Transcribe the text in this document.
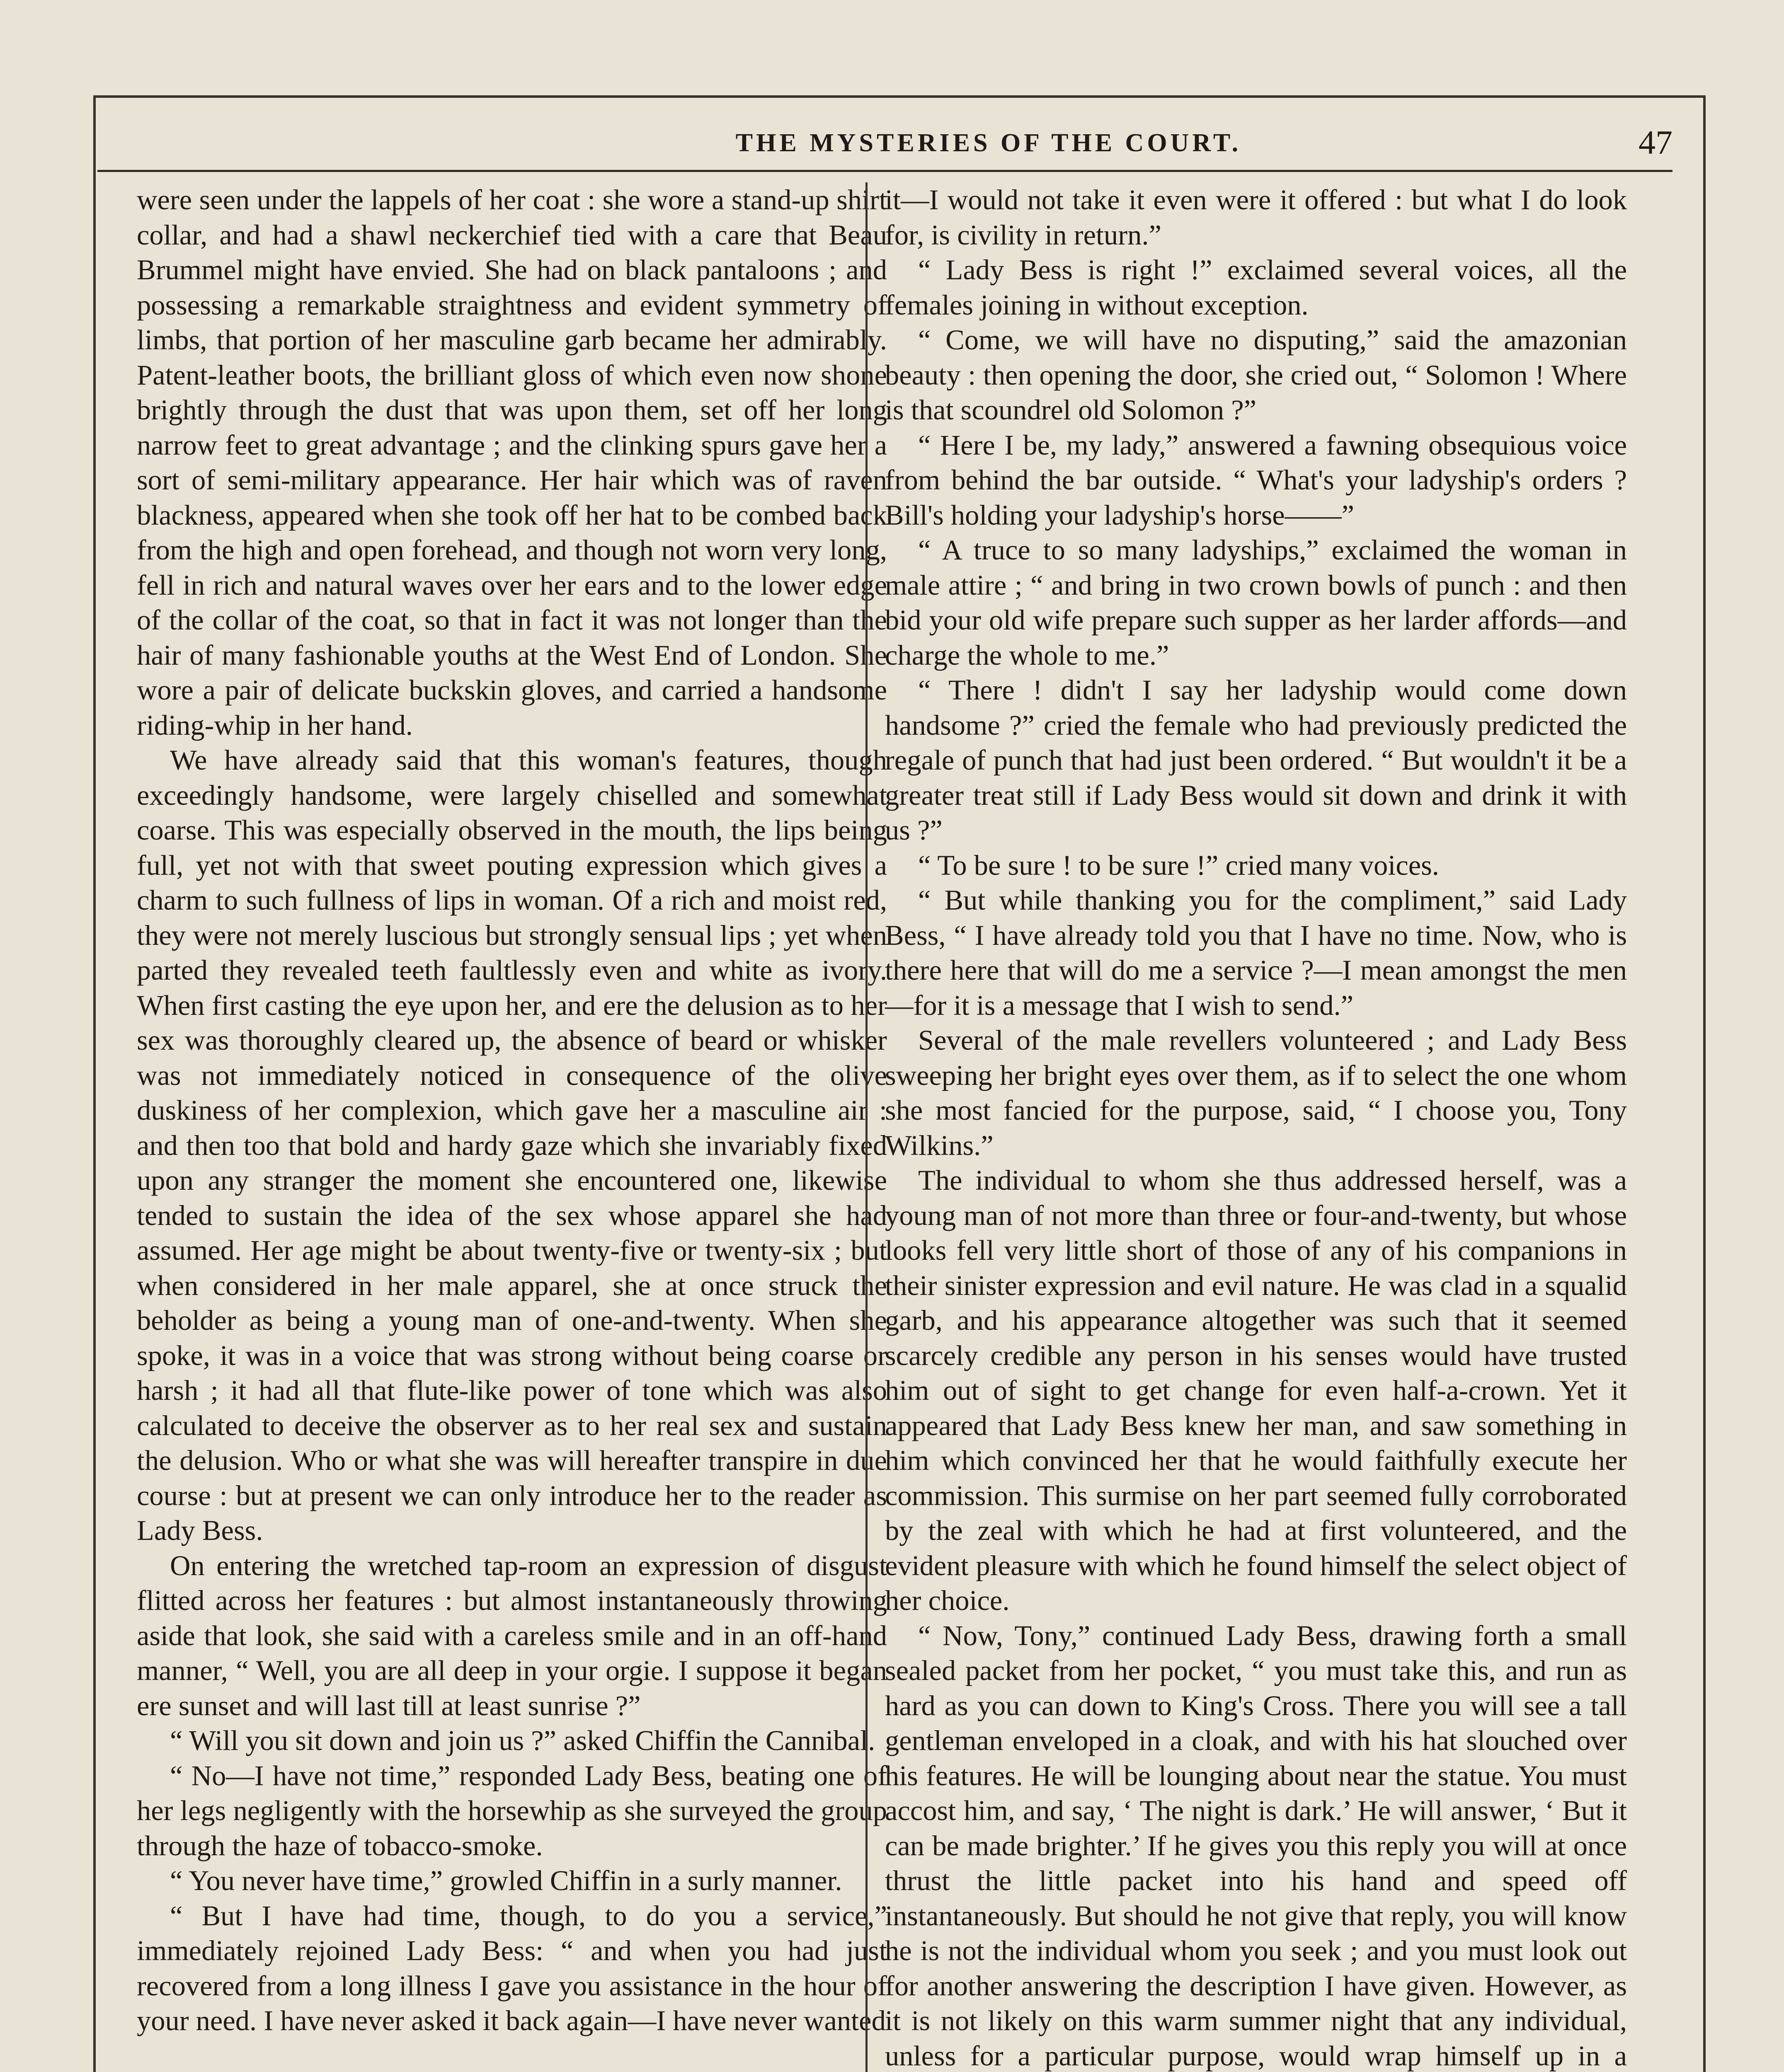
THE MYSTERIES OF THE COURT.	47

were seen under the lappels of her coat : she wore a stand-up shirt collar, and had a shawl neckerchief tied with a care that Beau Brummel might have envied. She had on black pantaloons ; and possessing a remarkable straightness and evident symmetry of limbs, that portion of her masculine garb became her admirably. Patent-leather boots, the brilliant gloss of which even now shone brightly through the dust that was upon them, set off her long narrow feet to great advantage ; and the clinking spurs gave her a sort of semi-military appearance. Her hair which was of raven blackness, appeared when she took off her hat to be combed back from the high and open forehead, and though not worn very long, fell in rich and natural waves over her ears and to the lower edge of the collar of the coat, so that in fact it was not longer than the hair of many fashionable youths at the West End of London. She wore a pair of delicate buckskin gloves, and carried a handsome riding-whip in her hand.

We have already said that this woman's features, though exceedingly handsome, were largely chiselled and somewhat coarse. This was especially observed in the mouth, the lips being full, yet not with that sweet pouting expression which gives a charm to such fullness of lips in woman. Of a rich and moist red, they were not merely luscious but strongly sensual lips ; yet when parted they revealed teeth faultlessly even and white as ivory. When first casting the eye upon her, and ere the delusion as to her sex was thoroughly cleared up, the absence of beard or whisker was not immediately noticed in consequence of the olive duskiness of her complexion, which gave her a masculine air : and then too that bold and hardy gaze which she invariably fixed upon any stranger the moment she encountered one, likewise tended to sustain the idea of the sex whose apparel she had assumed. Her age might be about twenty-five or twenty-six ; but when considered in her male apparel, she at once struck the beholder as being a young man of one-and-twenty. When she spoke, it was in a voice that was strong without being coarse or harsh ; it had all that flute-like power of tone which was also calculated to deceive the observer as to her real sex and sustain the delusion. Who or what she was will hereafter transpire in due course : but at present we can only introduce her to the reader as Lady Bess.

On entering the wretched tap-room an expression of disgust flitted across her features : but almost instantaneously throwing aside that look, she said with a careless smile and in an off-hand manner, “ Well, you are all deep in your orgie. I suppose it began ere sunset and will last till at least sunrise ?”

“ Will you sit down and join us ?” asked Chiffin the Cannibal.

“ No—I have not time,” responded Lady Bess, beating one of her legs negligently with the horsewhip as she surveyed the group through the haze of tobacco-smoke.

“ You never have time,” growled Chiffin in a surly manner.

“ But I have had time, though, to do you a service,” immediately rejoined Lady Bess: “ and when you had just recovered from a long illness I gave you assistance in the hour of your need. I have never asked it back again—I have never wanted

it—I would not take it even were it offered : but what I do look for, is civility in return.”

“ Lady Bess is right !” exclaimed several voices, all the females joining in without exception.

“ Come, we will have no disputing,” said the amazonian beauty : then opening the door, she cried out, “ Solomon ! Where is that scoundrel old Solomon ?”

“ Here I be, my lady,” answered a fawning obsequious voice from behind the bar outside. “ What's your ladyship's orders ? Bill's holding your ladyship's horse——”

“ A truce to so many ladyships,” exclaimed the woman in male attire ; “ and bring in two crown bowls of punch : and then bid your old wife prepare such supper as her larder affords—and charge the whole to me.”

“ There ! didn't I say her ladyship would come down handsome ?” cried the female who had previously predicted the regale of punch that had just been ordered. “ But wouldn't it be a greater treat still if Lady Bess would sit down and drink it with us ?”

“ To be sure ! to be sure !” cried many voices.

“ But while thanking you for the compliment,” said Lady Bess, “ I have already told you that I have no time. Now, who is there here that will do me a service ?—I mean amongst the men —for it is a message that I wish to send.”

Several of the male revellers volunteered ; and Lady Bess sweeping her bright eyes over them, as if to select the one whom she most fancied for the purpose, said, “ I choose you, Tony Wilkins.”

The individual to whom she thus addressed herself, was a young man of not more than three or four-and-twenty, but whose looks fell very little short of those of any of his companions in their sinister expression and evil nature. He was clad in a squalid garb, and his appearance altogether was such that it seemed scarcely credible any person in his senses would have trusted him out of sight to get change for even half-a-crown. Yet it appeared that Lady Bess knew her man, and saw something in him which convinced her that he would faithfully execute her commission. This surmise on her part seemed fully corroborated by the zeal with which he had at first volunteered, and the evident pleasure with which he found himself the select object of her choice.

“ Now, Tony,” continued Lady Bess, drawing forth a small sealed packet from her pocket, “ you must take this, and run as hard as you can down to King's Cross. There you will see a tall gentleman enveloped in a cloak, and with his hat slouched over his features. He will be lounging about near the statue. You must accost him, and say, ‘ The night is dark.’ He will answer, ‘ But it can be made brighter.’ If he gives you this reply you will at once thrust the little packet into his hand and speed off instantaneously. But should he not give that reply, you will know he is not the individual whom you seek ; and you must look out for another answering the description I have given. However, as it is not likely on this warm summer night that any individual, unless for a particular purpose, would wrap himself up in a
